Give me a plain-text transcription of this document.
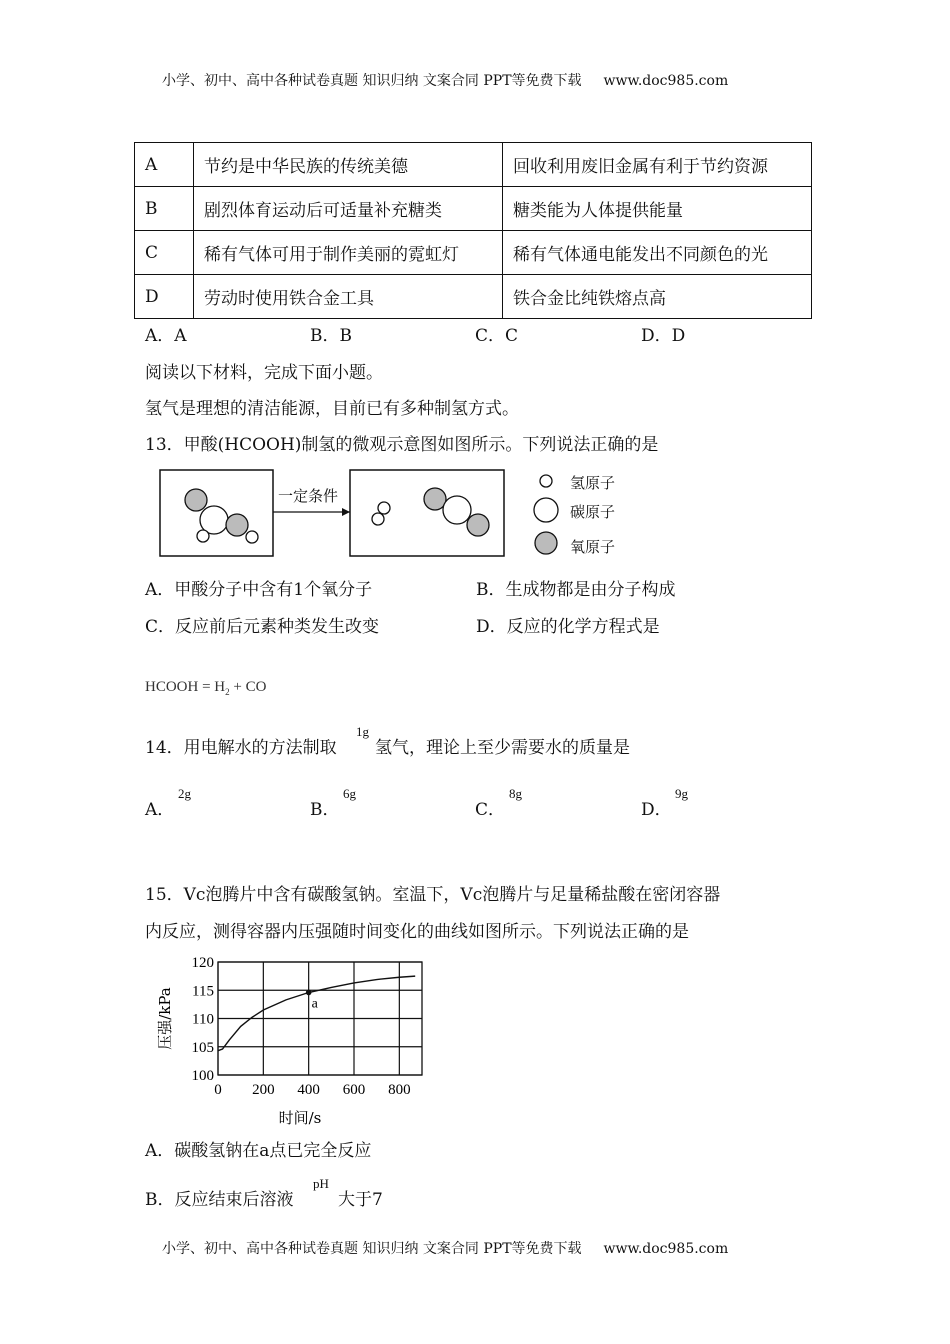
小学、初中、高中各种试卷真题 知识归纳 文案合同 PPT等免费下载 www.doc985.com
A	节约是中华民族的传统美德	回收利用废旧金属有利于节约资源
B	剧烈体育运动后可适量补充糖类	糖类能为人体提供能量
C	稀有气体可用于制作美丽的霓虹灯	稀有气体通电能发出不同颜色的光
D	劳动时使用铁合金工具	铁合金比纯铁熔点高
A．A	B．B	C．C	D．D
阅读以下材料，完成下面小题。
氢气是理想的清洁能源，目前已有多种制氢方式。
13．甲酸(HCOOH)制氢的微观示意图如图所示。下列说法正确的是
一定条件
氢原子
碳原子
氧原子
A．甲酸分子中含有1个氧分子	B．生成物都是由分子构成
C．反应前后元素种类发生改变	D．反应的化学方程式是
HCOOH = $H_2$ + CO
14．用电解水的方法制取
1g
氢气，理论上至少需要水的质量是
A．
2g
B．
6g
C．
8g
D．
9g
15．Vc泡腾片中含有碳酸氢钠。室温下，Vc泡腾片与足量稀盐酸在密闭容器
内反应，测得容器内压强随时间变化的曲线如图所示。下列说法正确的是
0 200 400 600 800
100
105
110
115
120
a
时间/s
压强/kPa
A．碳酸氢钠在a点已完全反应
B．反应结束后溶液
pH
大于7
小学、初中、高中各种试卷真题 知识归纳 文案合同 PPT等免费下载 www.doc985.com
